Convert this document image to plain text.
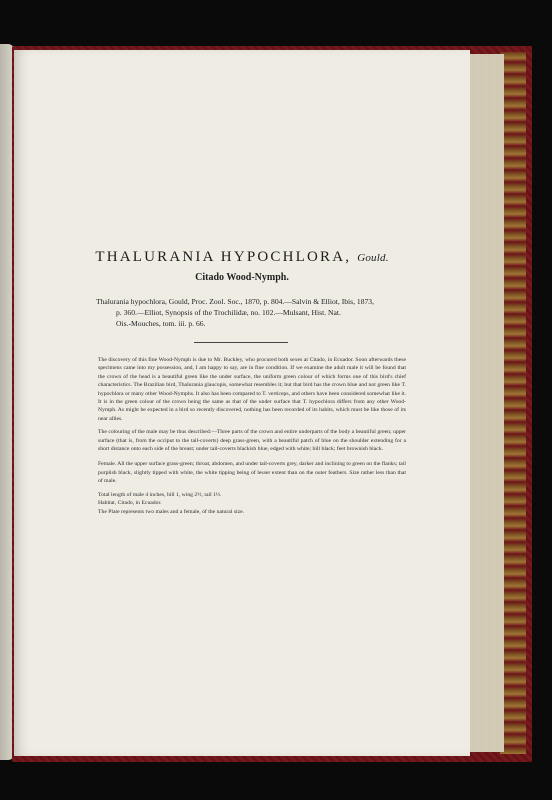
THALURANIA HYPOCHLORA, Gould.
Citado Wood-Nymph.
Thalurania hypochlora, Gould, Proc. Zool. Soc., 1870, p. 804.—Salvin & Elliot, Ibis, 1873,
p. 360.—Elliot, Synopsis of the Trochilidæ, no. 102.—Mulsant, Hist. Nat.
Ois.-Mouches, tom. iii. p. 66.

The discovery of this fine Wood-Nymph is due to Mr. Buckley, who procured both sexes at Citado, in Ecuador. Soon afterwards these specimens came into my possession, and, I am happy to say, are in fine condition. If we examine the adult male it will be found that the crown of the head is a beautiful green like the under surface, the uniform green colour of which forms one of this bird's chief characteristics. The Brazilian bird, Thalurania glaucopis, somewhat resembles it; but that bird has the crown blue and not green like T. hypochlora or many other Wood-Nymphs. It also has been compared to T. verticeps, and others have been considered somewhat like it. It is in the green colour of the crown being the same as that of the under surface that T. hypochlora differs from any other Wood-Nymph. As might be expected in a bird so recently discovered, nothing has been recorded of its habits, which must be like those of its near allies.

The colouring of the male may be thus described:—Three parts of the crown and entire underparts of the body a beautiful green; upper surface (that is, from the occiput to the tail-coverts) deep grass-green, with a beautiful patch of blue on the shoulder extending for a short distance onto each side of the breast; under tail-coverts blackish blue, edged with white; bill black; feet brownish black.

Female. All the upper surface grass-green; throat, abdomen, and under tail-coverts grey, darker and inclining to green on the flanks; tail purplish black, slightly tipped with white, the white tipping being of lesser extent than on the outer feathers. Size rather less than that of male.

Total length of male 4 inches, bill 1, wing 2½, tail 1½.

Habitat, Citado, in Ecuador.

The Plate represents two males and a female, of the natural size.
